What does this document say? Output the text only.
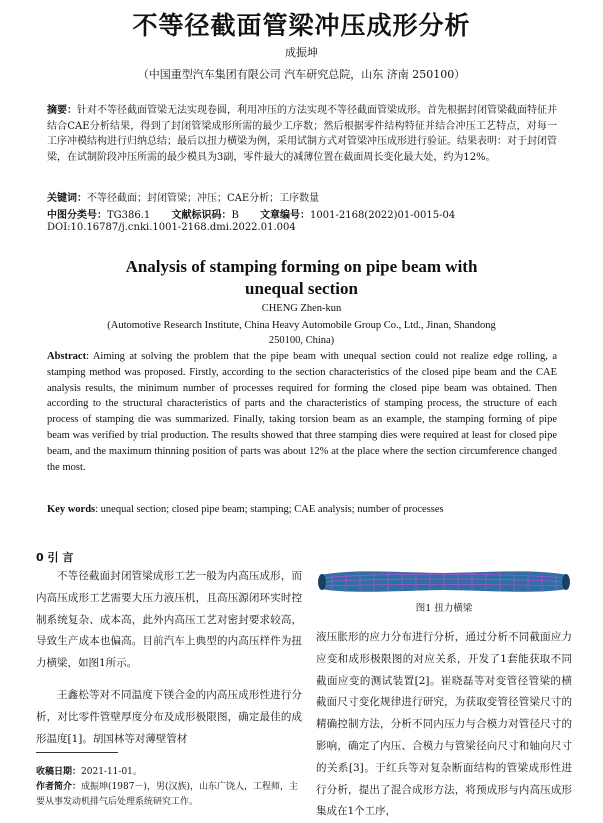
不等径截面管梁冲压成形分析
成振坤
（中国重型汽车集团有限公司 汽车研究总院，山东 济南 250100）
摘要：针对不等径截面管梁无法实现卷圆，利用冲压的方法实现不等径截面管梁成形。首先根据封闭管梁截面特征并结合CAE分析结果，得到了封闭管梁成形所需的最少工序数；然后根据零件结构特征并结合冲压工艺特点，对每一工序冲模结构进行归纳总结；最后以扭力横梁为例，采用试制方式对管梁冲压成形进行验证。结果表明：对于封闭管梁，在试制阶段冲压所需的最少模具为3副，零件最大的减薄位置在截面周长变化最大处，约为12%。
关键词：不等径截面；封闭管梁；冲压；CAE分析；工序数量
中图分类号：TG386.1 文献标识码：B 文章编号：1001-2168(2022)01-0015-04
DOI:10.16787/j.cnki.1001-2168.dmi.2022.01.004
Analysis of stamping forming on pipe beam with
unequal section
CHENG Zhen-kun
(Automotive Research Institute, China Heavy Automobile Group Co., Ltd., Jinan, Shandong
250100, China)
Abstract: Aiming at solving the problem that the pipe beam with unequal section could not realize edge rolling, a stamping method was proposed. Firstly, according to the section characteristics of the closed pipe beam and the CAE analysis results, the minimum number of processes required for forming the closed pipe beam was obtained. Then according to the structural characteristics of parts and the characteristics of stamping process, the structure of each process of stamping die was summarized. Finally, taking torsion beam as an example, the stamping forming of pipe beam was verified by trial production. The results showed that three stamping dies were required at least for closed pipe beam, and the maximum thinning position of parts was about 12% at the place where the section circumference changed the most.
Key words: unequal section; closed pipe beam; stamping; CAE analysis; number of processes
0 引 言
不等径截面封闭管梁成形工艺一般为内高压成形，而内高压成形工艺需要大压力液压机，且高压源闭环实时控制系统复杂、成本高，此外内高压工艺对密封要求较高，导致生产成本也偏高。目前汽车上典型的内高压样件为扭力横梁，如图1所示。
王鑫松等对不同温度下镁合金的内高压成形性进行分析，对比零件管壁厚度分布及成形极限图，确定最佳的成形温度[1]。胡国林等对薄壁管材
图1 扭力横梁
液压胀形的应力分布进行分析，通过分析不同截面应力应变和成形极限图的对应关系，开发了1套能获取不同截面应变的测试装置[2]。崔晓磊等对变管径管梁的横截面尺寸变化规律进行研究，为获取变管径管梁尺寸的精确控制方法，分析不同内压力与合模力对管径尺寸的影响，确定了内压、合模力与管梁径向尺寸和轴向尺寸的关系[3]。于红兵等对复杂断面结构的管梁成形性进行分析，提出了混合成形方法，将预成形与内高压成形集成在1个工序，
收稿日期：2021-11-01。
作者简介：成振坤(1987－)，男(汉族)，山东广饶人，工程师，主要从事发动机排气后处理系统研究工作。
